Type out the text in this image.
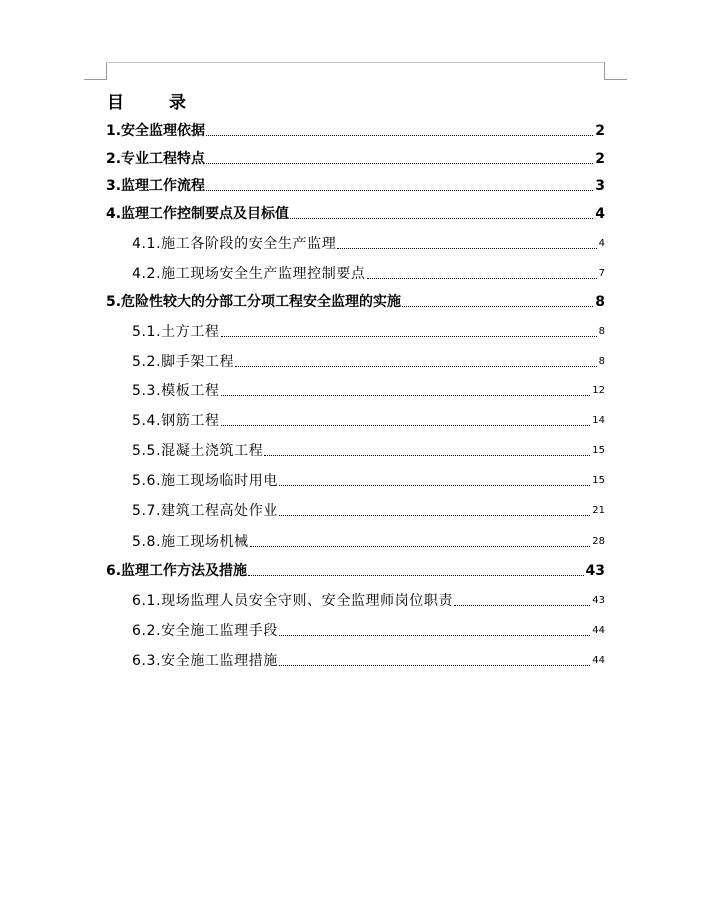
目　录
1.安全监理依据	2
2.专业工程特点	2
3.监理工作流程	3
4.监理工作控制要点及目标值	4
4.1.施工各阶段的安全生产监理	4
4.2.施工现场安全生产监理控制要点	7
5.危险性较大的分部工分项工程安全监理的实施	8
5.1.土方工程	8
5.2.脚手架工程	8
5.3.模板工程	12
5.4.钢筋工程	14
5.5.混凝土浇筑工程	15
5.6.施工现场临时用电	15
5.7.建筑工程高处作业	21
5.8.施工现场机械	28
6.监理工作方法及措施	43
6.1.现场监理人员安全守则、安全监理师岗位职责	43
6.2.安全施工监理手段	44
6.3.安全施工监理措施	44
